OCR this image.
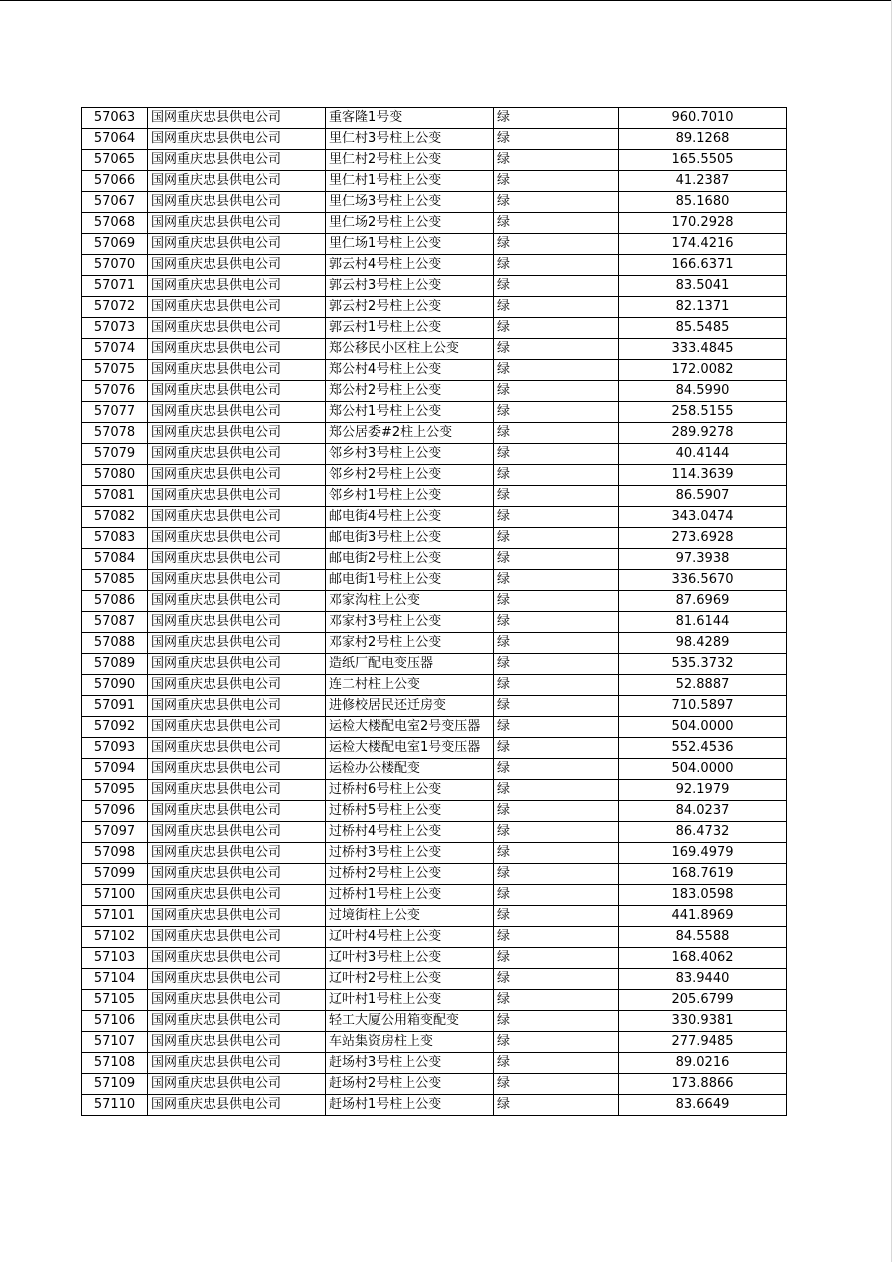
57063	国网重庆忠县供电公司	重客隆1号变	绿	960.7010
57064	国网重庆忠县供电公司	里仁村3号柱上公变	绿	89.1268
57065	国网重庆忠县供电公司	里仁村2号柱上公变	绿	165.5505
57066	国网重庆忠县供电公司	里仁村1号柱上公变	绿	41.2387
57067	国网重庆忠县供电公司	里仁场3号柱上公变	绿	85.1680
57068	国网重庆忠县供电公司	里仁场2号柱上公变	绿	170.2928
57069	国网重庆忠县供电公司	里仁场1号柱上公变	绿	174.4216
57070	国网重庆忠县供电公司	郭云村4号柱上公变	绿	166.6371
57071	国网重庆忠县供电公司	郭云村3号柱上公变	绿	83.5041
57072	国网重庆忠县供电公司	郭云村2号柱上公变	绿	82.1371
57073	国网重庆忠县供电公司	郭云村1号柱上公变	绿	85.5485
57074	国网重庆忠县供电公司	郑公移民小区柱上公变	绿	333.4845
57075	国网重庆忠县供电公司	郑公村4号柱上公变	绿	172.0082
57076	国网重庆忠县供电公司	郑公村2号柱上公变	绿	84.5990
57077	国网重庆忠县供电公司	郑公村1号柱上公变	绿	258.5155
57078	国网重庆忠县供电公司	郑公居委#2柱上公变	绿	289.9278
57079	国网重庆忠县供电公司	邻乡村3号柱上公变	绿	40.4144
57080	国网重庆忠县供电公司	邻乡村2号柱上公变	绿	114.3639
57081	国网重庆忠县供电公司	邻乡村1号柱上公变	绿	86.5907
57082	国网重庆忠县供电公司	邮电街4号柱上公变	绿	343.0474
57083	国网重庆忠县供电公司	邮电街3号柱上公变	绿	273.6928
57084	国网重庆忠县供电公司	邮电街2号柱上公变	绿	97.3938
57085	国网重庆忠县供电公司	邮电街1号柱上公变	绿	336.5670
57086	国网重庆忠县供电公司	邓家沟柱上公变	绿	87.6969
57087	国网重庆忠县供电公司	邓家村3号柱上公变	绿	81.6144
57088	国网重庆忠县供电公司	邓家村2号柱上公变	绿	98.4289
57089	国网重庆忠县供电公司	造纸厂配电变压器	绿	535.3732
57090	国网重庆忠县供电公司	连二村柱上公变	绿	52.8887
57091	国网重庆忠县供电公司	进修校居民还迁房变	绿	710.5897
57092	国网重庆忠县供电公司	运检大楼配电室2号变压器	绿	504.0000
57093	国网重庆忠县供电公司	运检大楼配电室1号变压器	绿	552.4536
57094	国网重庆忠县供电公司	运检办公楼配变	绿	504.0000
57095	国网重庆忠县供电公司	过桥村6号柱上公变	绿	92.1979
57096	国网重庆忠县供电公司	过桥村5号柱上公变	绿	84.0237
57097	国网重庆忠县供电公司	过桥村4号柱上公变	绿	86.4732
57098	国网重庆忠县供电公司	过桥村3号柱上公变	绿	169.4979
57099	国网重庆忠县供电公司	过桥村2号柱上公变	绿	168.7619
57100	国网重庆忠县供电公司	过桥村1号柱上公变	绿	183.0598
57101	国网重庆忠县供电公司	过境街柱上公变	绿	441.8969
57102	国网重庆忠县供电公司	辽叶村4号柱上公变	绿	84.5588
57103	国网重庆忠县供电公司	辽叶村3号柱上公变	绿	168.4062
57104	国网重庆忠县供电公司	辽叶村2号柱上公变	绿	83.9440
57105	国网重庆忠县供电公司	辽叶村1号柱上公变	绿	205.6799
57106	国网重庆忠县供电公司	轻工大厦公用箱变配变	绿	330.9381
57107	国网重庆忠县供电公司	车站集资房柱上变	绿	277.9485
57108	国网重庆忠县供电公司	赶场村3号柱上公变	绿	89.0216
57109	国网重庆忠县供电公司	赶场村2号柱上公变	绿	173.8866
57110	国网重庆忠县供电公司	赶场村1号柱上公变	绿	83.6649
